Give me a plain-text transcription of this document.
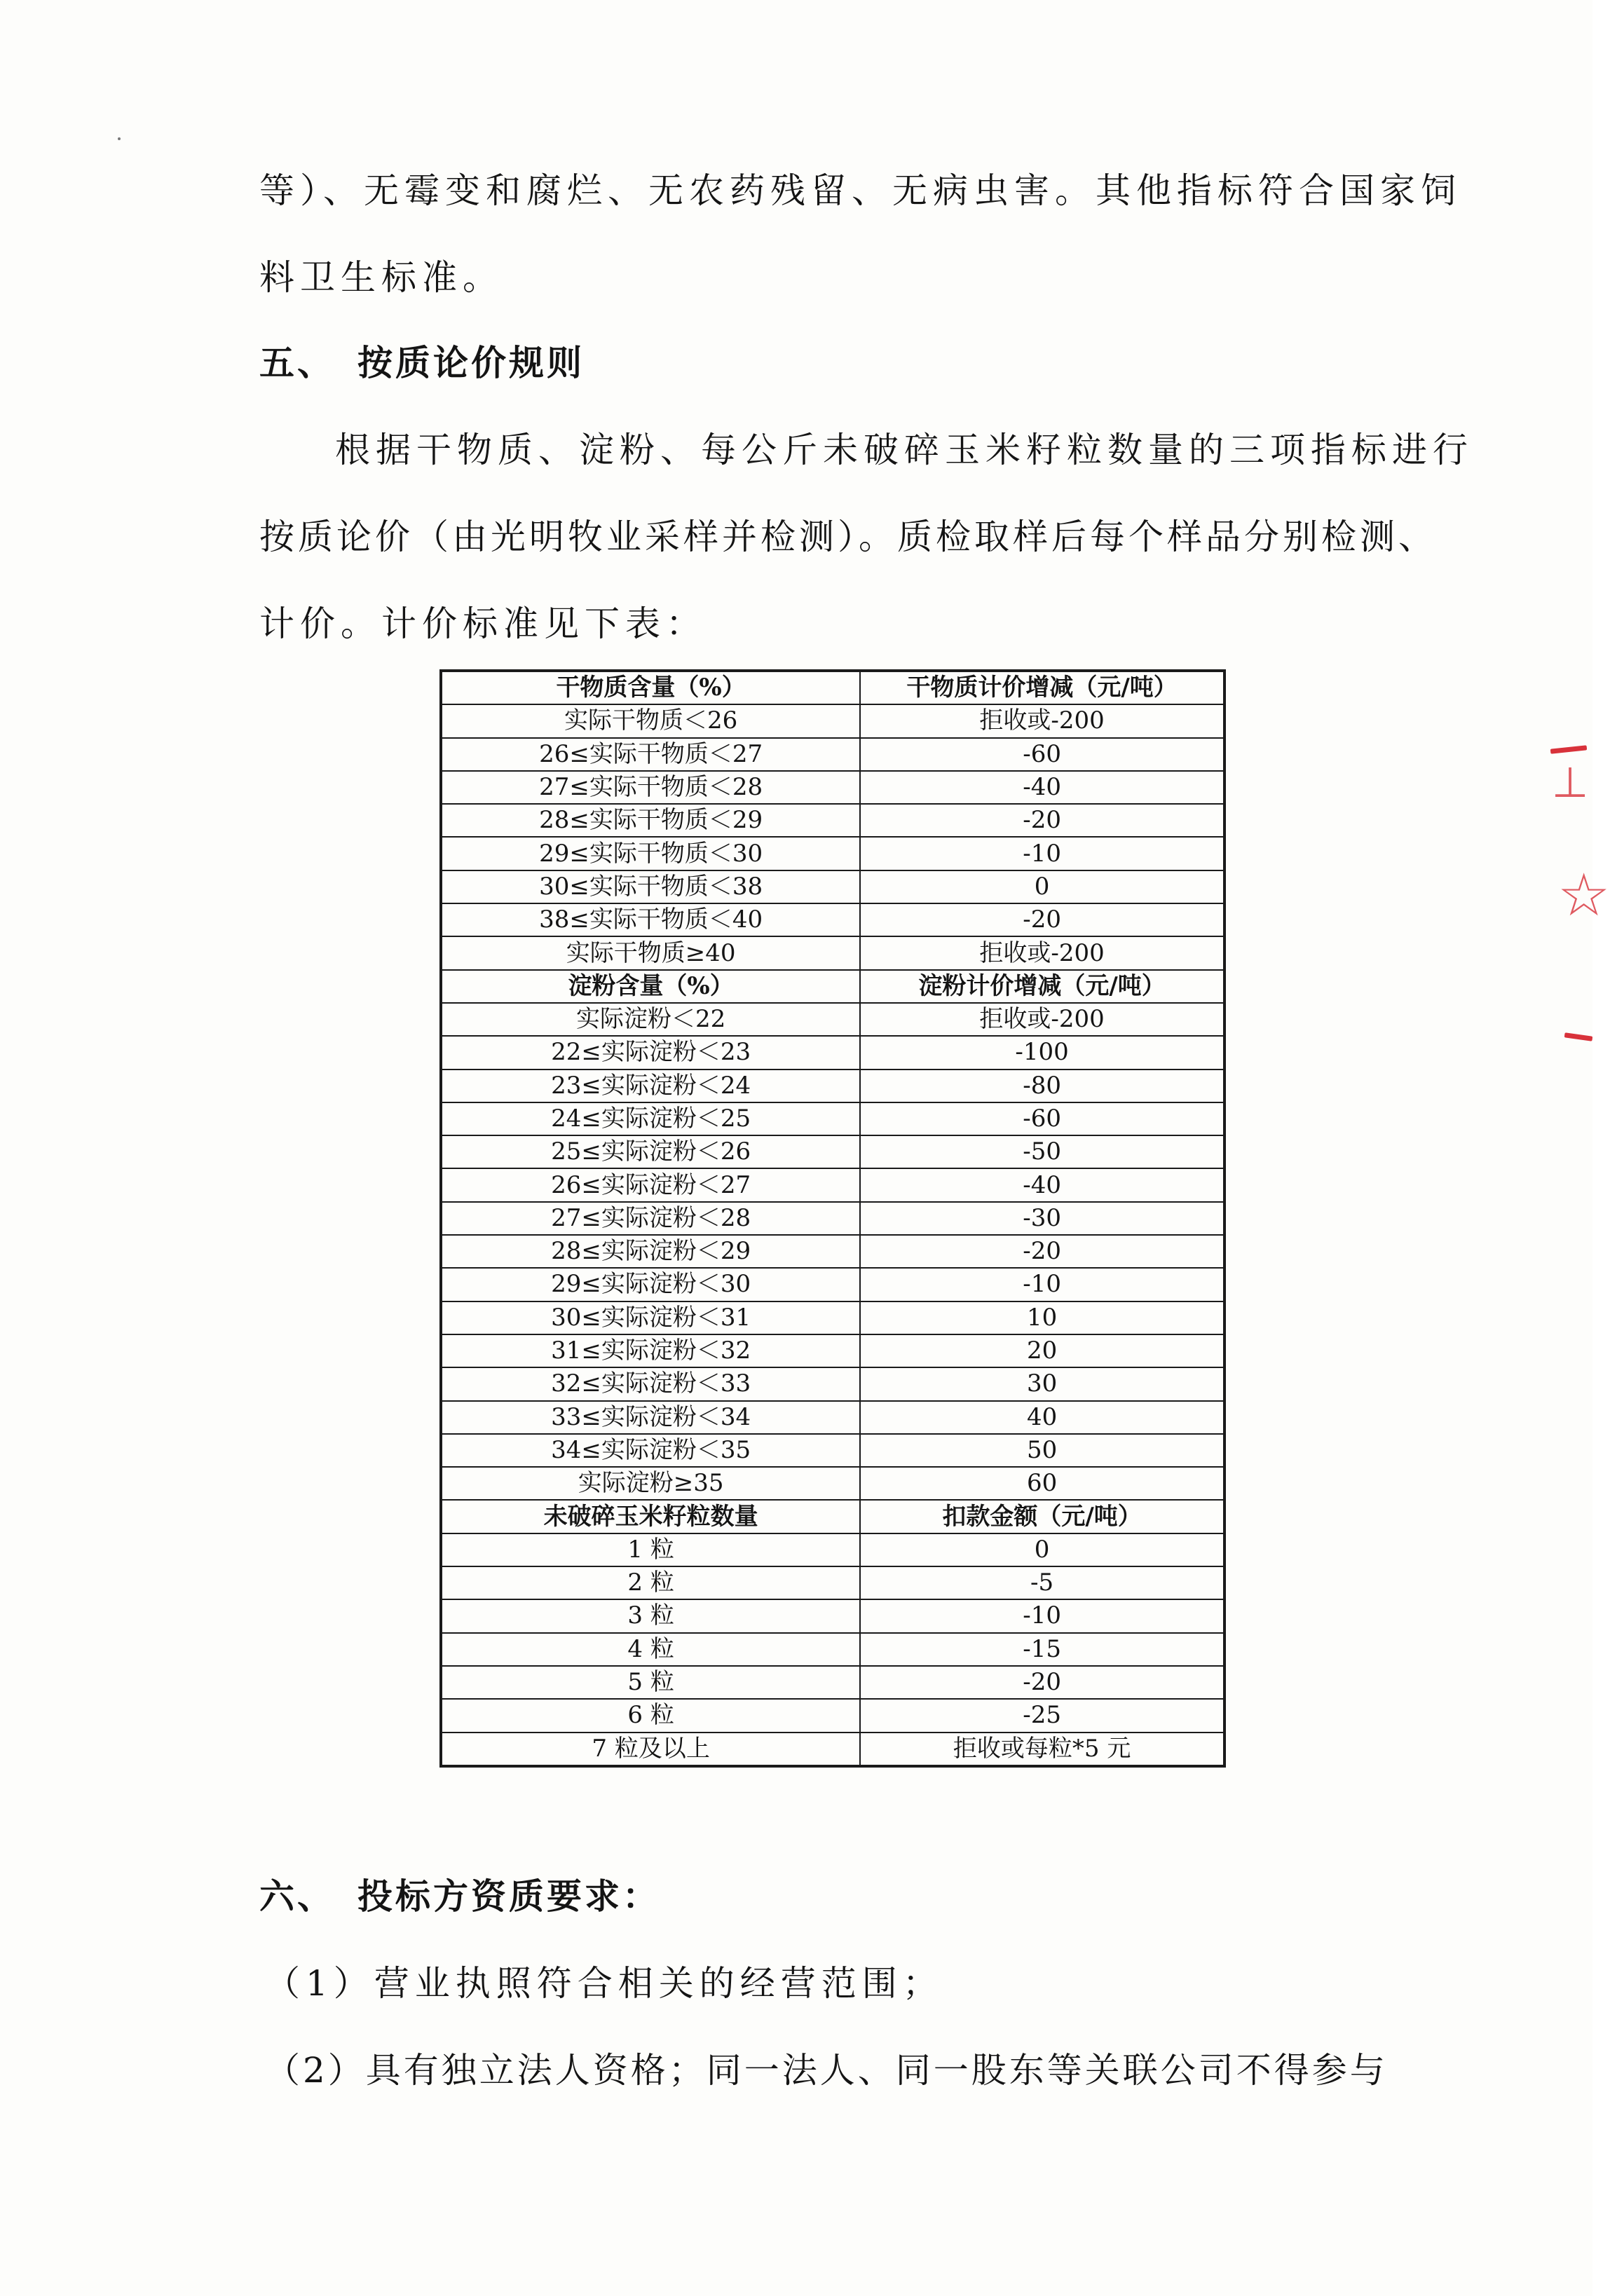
等）、无霉变和腐烂、无农药残留、无病虫害。其他指标符合国家饲
料卫生标准。
五、 按质论价规则
根据干物质、淀粉、每公斤未破碎玉米籽粒数量的三项指标进行
按质论价（由光明牧业采样并检测）。质检取样后每个样品分别检测、
计价。计价标准见下表：
干物质含量（%）	干物质计价增减（元/吨）
实际干物质＜26	拒收或-200
26≤实际干物质＜27	-60
27≤实际干物质＜28	-40
28≤实际干物质＜29	-20
29≤实际干物质＜30	-10
30≤实际干物质＜38	0
38≤实际干物质＜40	-20
实际干物质≥40	拒收或-200
淀粉含量（%）	淀粉计价增减（元/吨）
实际淀粉＜22	拒收或-200
22≤实际淀粉＜23	-100
23≤实际淀粉＜24	-80
24≤实际淀粉＜25	-60
25≤实际淀粉＜26	-50
26≤实际淀粉＜27	-40
27≤实际淀粉＜28	-30
28≤实际淀粉＜29	-20
29≤实际淀粉＜30	-10
30≤实际淀粉＜31	10
31≤实际淀粉＜32	20
32≤实际淀粉＜33	30
33≤实际淀粉＜34	40
34≤实际淀粉＜35	50
实际淀粉≥35	60
未破碎玉米籽粒数量	扣款金额（元/吨）
1 粒	0
2 粒	-5
3 粒	-10
4 粒	-15
5 粒	-20
6 粒	-25
7 粒及以上	拒收或每粒*5 元
六、 投标方资质要求：
（1）营业执照符合相关的经营范围；
（2）具有独立法人资格；同一法人、同一股东等关联公司不得参与
⊥
☆
